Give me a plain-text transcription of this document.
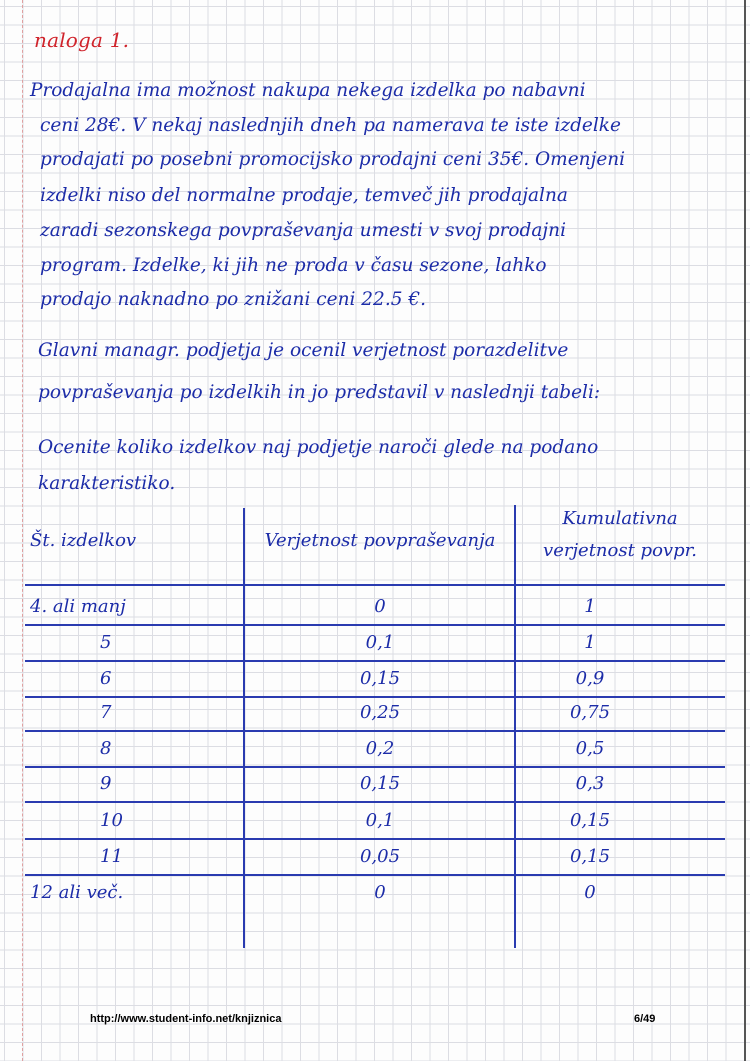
naloga 1.
Prodajalna ima možnost nakupa nekega izdelka po nabavni
ceni 28€. V nekaj naslednjih dneh pa namerava te iste izdelke
prodajati po posebni promocijsko prodajni ceni 35€. Omenjeni
izdelki niso del normalne prodaje, temveč jih prodajalna
zaradi sezonskega povpraševanja umesti v svoj prodajni
program. Izdelke, ki jih ne proda v času sezone, lahko
prodajo naknadno po znižani ceni 22.5 €.
Glavni managr. podjetja je ocenil verjetnost porazdelitve
povpraševanja po izdelkih in jo predstavil v naslednji tabeli:
Ocenite koliko izdelkov naj podjetje naroči glede na podano
karakteristiko.
Št. izdelkov	Verjetnost povpraševanja
Kumulativna
verjetnost povpr.
4. ali manj	0	1
5	0,1	1
6	0,15	0,9
7	0,25	0,75
8	0,2	0,5
9	0,15	0,3
10	0,1	0,15
11	0,05	0,15
12 ali več.	0	0
http://www.student-info.net/knjiznica	6/49
